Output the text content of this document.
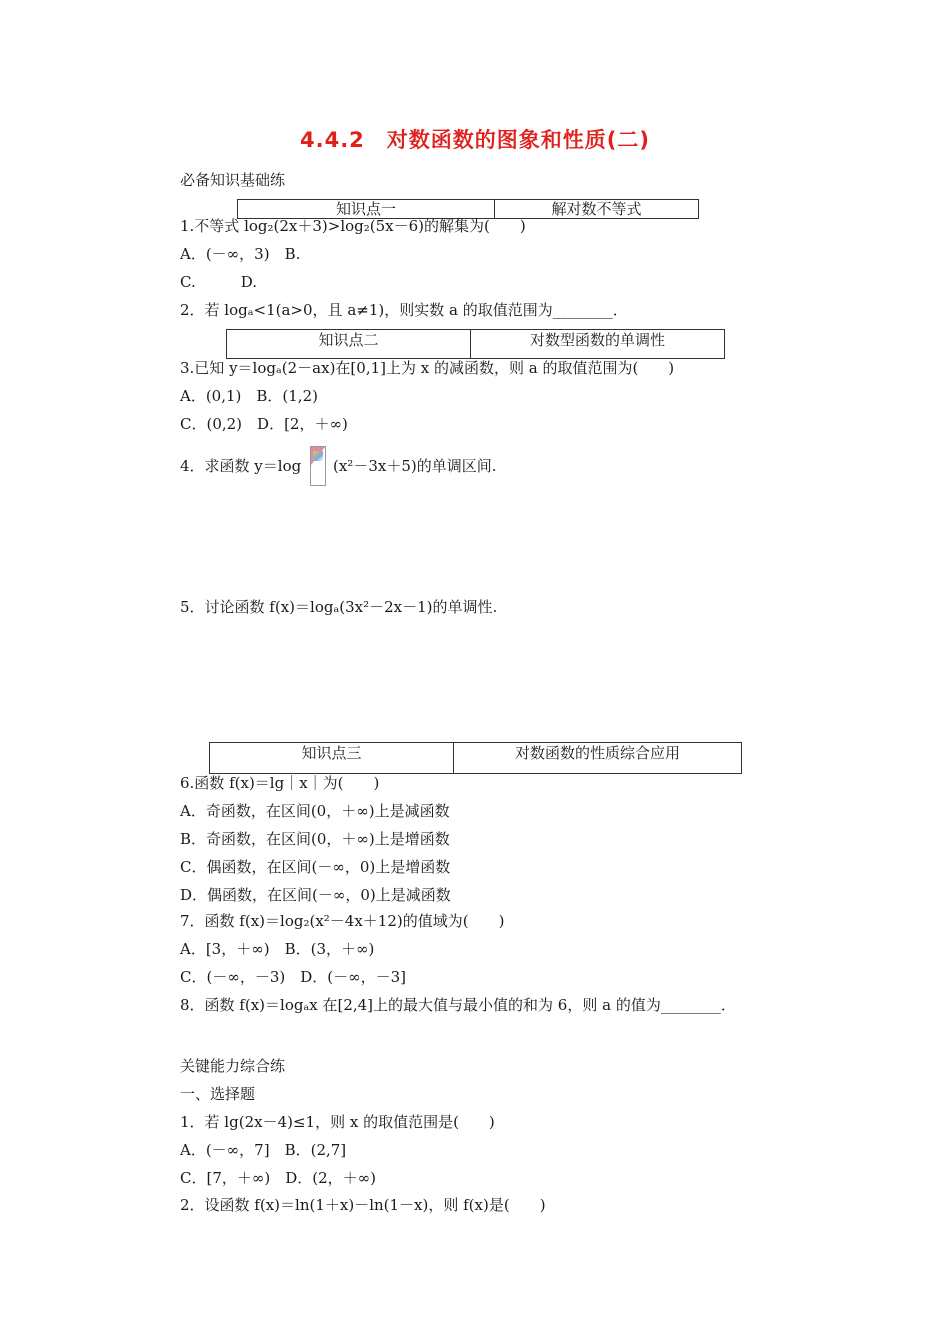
4.4.2　对数函数的图象和性质(二)
必备知识基础练
知识点一	解对数不等式
1.不等式 log₂(2x＋3)>log₂(5x－6)的解集为(　　)
A．(－∞，3)　B.
C.　　　D.
2．若 logₐ<1(a>0，且 a≠1)，则实数 a 的取值范围为________．
知识点二	对数型函数的单调性
3.已知 y＝logₐ(2－ax)在[0,1]上为 x 的减函数，则 a 的取值范围为(　　)
A．(0,1)　B．(1,2)
C．(0,2)　D．[2，＋∞)
4．求函数 y＝log (x²－3x＋5)的单调区间.
5．讨论函数 f(x)＝logₐ(3x²－2x－1)的单调性.
知识点三	对数函数的性质综合应用
6.函数 f(x)＝lg｜x｜为(　　)
A．奇函数，在区间(0，＋∞)上是减函数
B．奇函数，在区间(0，＋∞)上是增函数
C．偶函数，在区间(－∞，0)上是增函数
D．偶函数，在区间(－∞，0)上是减函数
7．函数 f(x)＝log₂(x²－4x＋12)的值域为(　　)
A．[3，＋∞)　B．(3，＋∞)
C．(－∞，－3)　D．(－∞，－3]
8．函数 f(x)＝logₐx 在[2,4]上的最大值与最小值的和为 6，则 a 的值为________．
关键能力综合练
一、选择题
1．若 lg(2x－4)≤1，则 x 的取值范围是(　　)
A．(－∞，7]　B．(2,7]
C．[7，＋∞)　D．(2，＋∞)
2．设函数 f(x)＝ln(1＋x)－ln(1－x)，则 f(x)是(　　)
